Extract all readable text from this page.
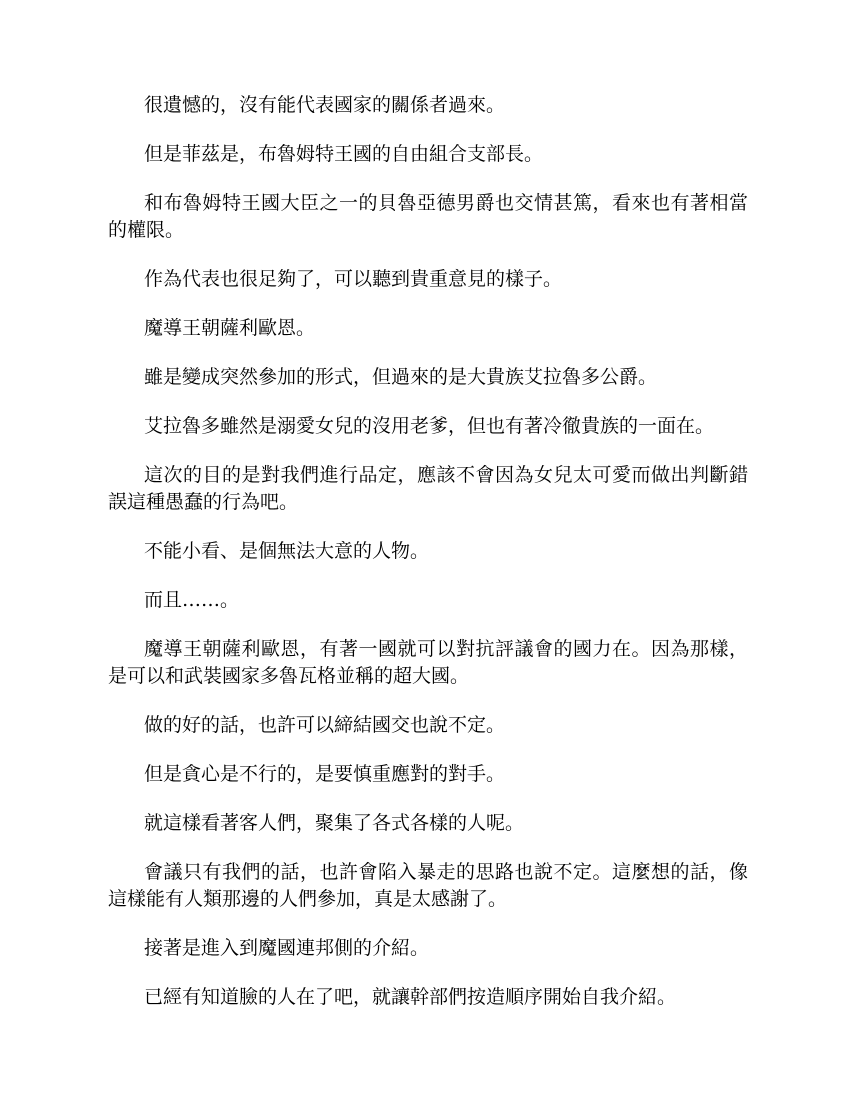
很遺憾的，沒有能代表國家的關係者過來。

但是菲茲是，布魯姆特王國的自由組合支部長。

和布魯姆特王國大臣之一的貝魯亞德男爵也交情甚篤，看來也有著相當的權限。

作為代表也很足夠了，可以聽到貴重意見的樣子。

魔導王朝薩利歐恩。

雖是變成突然參加的形式，但過來的是大貴族艾拉魯多公爵。

艾拉魯多雖然是溺愛女兒的沒用老爹，但也有著冷徹貴族的一面在。

這次的目的是對我們進行品定，應該不會因為女兒太可愛而做出判斷錯誤這種愚蠢的行為吧。

不能小看、是個無法大意的人物。

而且……。

魔導王朝薩利歐恩，有著一國就可以對抗評議會的國力在。因為那樣，是可以和武裝國家多魯瓦格並稱的超大國。

做的好的話，也許可以締結國交也說不定。

但是貪心是不行的，是要慎重應對的對手。

就這樣看著客人們，聚集了各式各樣的人呢。

會議只有我們的話，也許會陷入暴走的思路也說不定。這麼想的話，像這樣能有人類那邊的人們參加，真是太感謝了。

接著是進入到魔國連邦側的介紹。

已經有知道臉的人在了吧，就讓幹部們按造順序開始自我介紹。
